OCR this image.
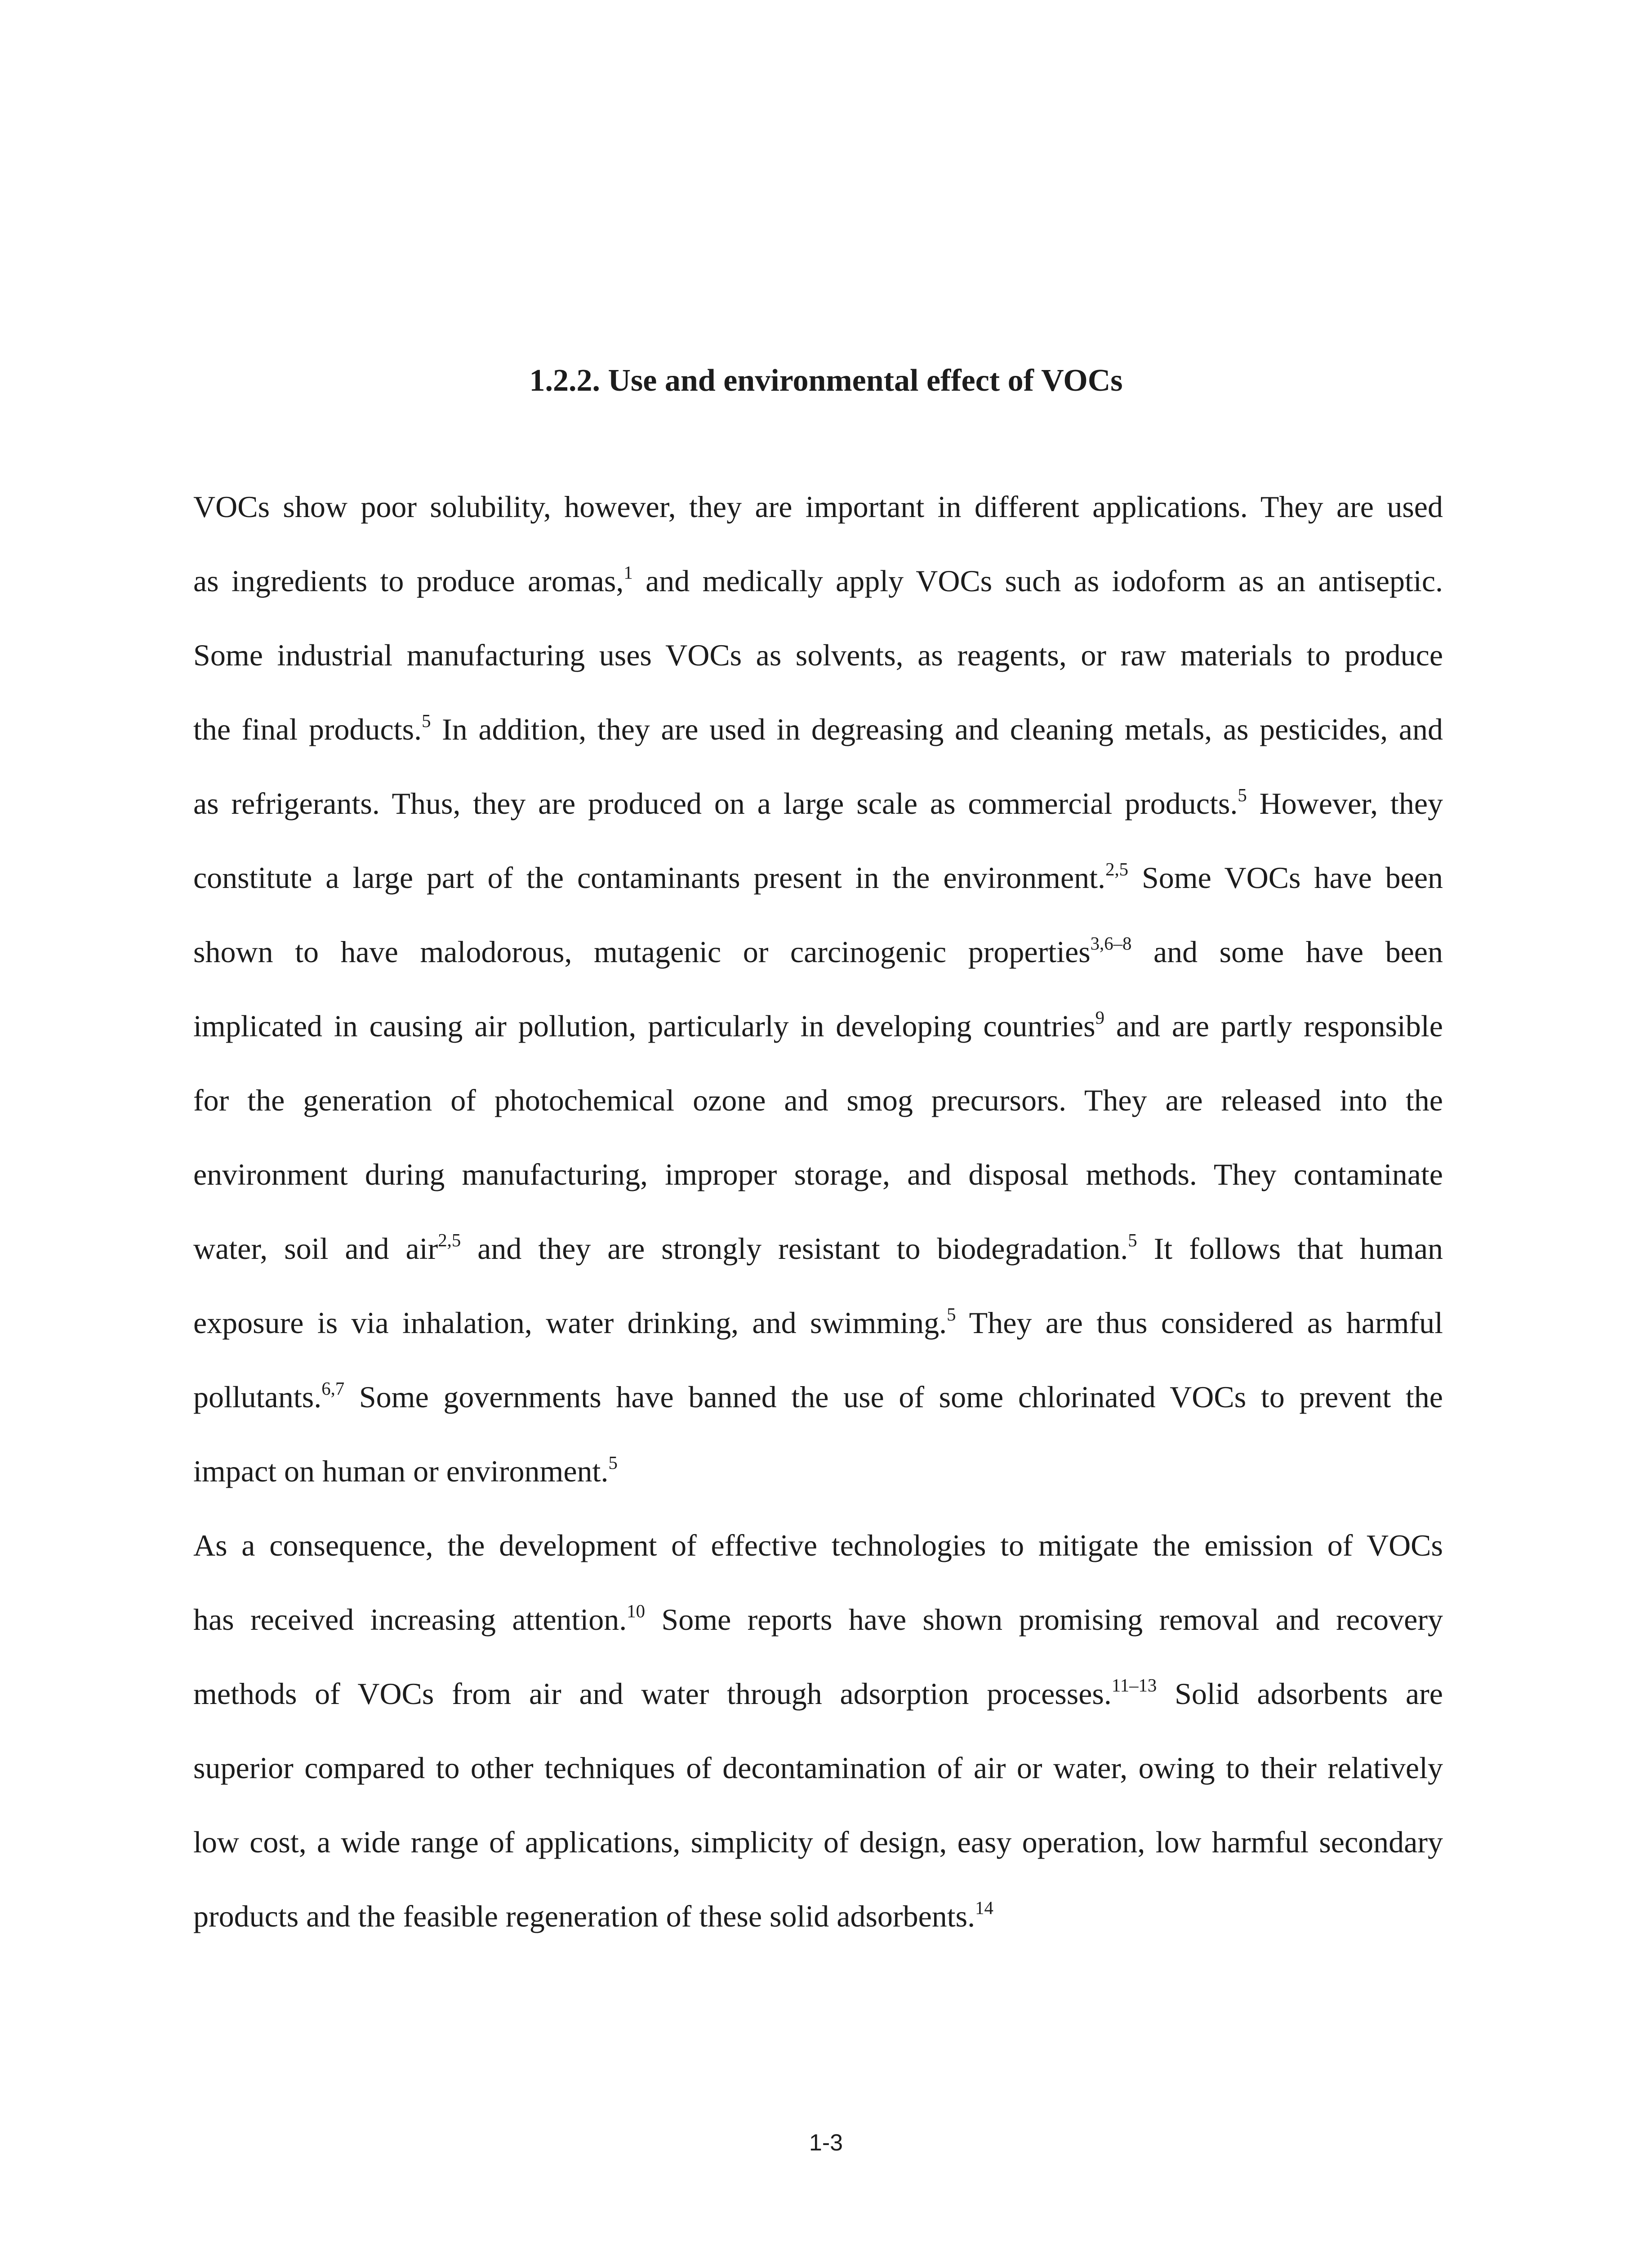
1.2.2. Use and environmental effect of VOCs
VOCs show poor solubility, however, they are important in different applications. They are used
as ingredients to produce aromas,$^1$ and medically apply VOCs such as iodoform as an antiseptic.
Some industrial manufacturing uses VOCs as solvents, as reagents, or raw materials to produce
the final products.$^5$ In addition, they are used in degreasing and cleaning metals, as pesticides, and
as refrigerants. Thus, they are produced on a large scale as commercial products.$^5$ However, they
constitute a large part of the contaminants present in the environment.$^{2,5}$ Some VOCs have been
shown to have malodorous, mutagenic or carcinogenic properties$^{3,6-8}$ and some have been
implicated in causing air pollution, particularly in developing countries$^9$ and are partly responsible
for the generation of photochemical ozone and smog precursors. They are released into the
environment during manufacturing, improper storage, and disposal methods. They contaminate
water, soil and air$^{2,5}$ and they are strongly resistant to biodegradation.$^5$ It follows that human
exposure is via inhalation, water drinking, and swimming.$^5$ They are thus considered as harmful
pollutants.$^{6,7}$ Some governments have banned the use of some chlorinated VOCs to prevent the
impact on human or environment.$^5$
As a consequence, the development of effective technologies to mitigate the emission of VOCs
has received increasing attention.$^{10}$ Some reports have shown promising removal and recovery
methods of VOCs from air and water through adsorption processes.$^{11-13}$ Solid adsorbents are
superior compared to other techniques of decontamination of air or water, owing to their relatively
low cost, a wide range of applications, simplicity of design, easy operation, low harmful secondary
products and the feasible regeneration of these solid adsorbents.$^{14}$
1-3
